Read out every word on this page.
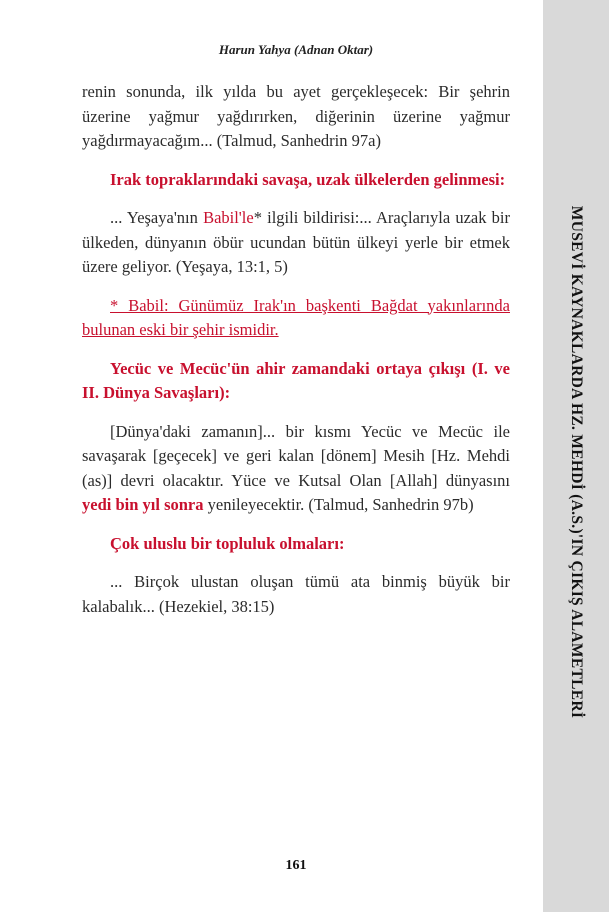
Harun Yahya (Adnan Oktar)

renin sonunda, ilk yılda bu ayet gerçekleşecek: Bir şehrin üzerine yağmur yağdırırken, diğerinin üzerine yağmur yağdırmayacağım... (Talmud, Sanhedrin 97a)

Irak topraklarındaki savaşa, uzak ülkelerden gelinmesi:

... Yeşaya'nın Babil'le* ilgili bildirisi:... Araçlarıyla uzak bir ülkeden, dünyanın öbür ucundan bütün ülkeyi yerle bir etmek üzere geliyor. (Yeşaya, 13:1, 5)

* Babil: Günümüz Irak'ın başkenti Bağdat yakınlarında bulunan eski bir şehir ismidir.

Yecüc ve Mecüc'ün ahir zamandaki ortaya çıkışı (I. ve II. Dünya Savaşları):

[Dünya'daki zamanın]... bir kısmı Yecüc ve Mecüc ile savaşarak [geçecek] ve geri kalan [dönem] Mesih [Hz. Mehdi (as)] devri olacaktır. Yüce ve Kutsal Olan [Allah] dünyasını yedi bin yıl sonra yenileyecektir. (Talmud, Sanhedrin 97b)

Çok uluslu bir topluluk olmaları:

... Birçok ulustan oluşan tümü ata binmiş büyük bir kalabalık... (Hezekiel, 38:15)	MUSEVİ KAYNAKLARDA HZ. MEHDİ (A.S.)'IN ÇIKIŞ ALAMETLERİ
161
